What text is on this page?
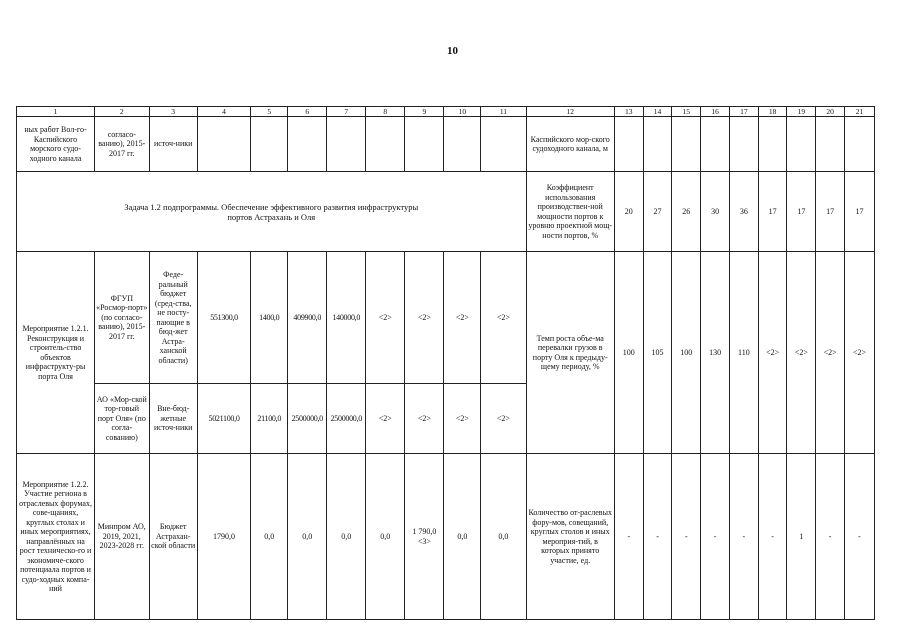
10
1	2	3	4	5	6	7	8	9	10	11	12	13	14	15	16	17	18	19	20	21
ных работ Вол-го-Каспийского морского судо-ходного канала	согласо-ванию), 2015-2017 гг.	источ-ники									Каспийского мор-ского судоходного канала, м									
Задача 1.2 подпрограммы. Обеспечение эффективного развития инфраструктуры портов Астрахань и Оля											Коэффициент использования производствен-ной мощности портов к уровню проектной мощ-ности портов, %	20	27	26	30	36	17	17	17	17
Мероприятие 1.2.1. Реконструкция и строитель-ство объектов инфраструкту-ры порта Оля	ФГУП «Росмор-порт» (по согласо-ванию), 2015-2017 гг.	Феде-ральный бюджет (сред-ства, не посту-пающие в бюд-жет Астра-ханской области)	551300,0	1400,0	409900,0	140000,0	<2>	<2>	<2>	<2>	Темп роста объе-ма перевалки грузов в порту Оля к предыду-щему периоду, %	100	105	100	130	110	<2>	<2>	<2>	<2>
	АО «Мор-ской тор-говый порт Оля» (по согла-сованию)	Вне-бюд-жетные источ-ники	5021100,0	21100,0	2500000,0	2500000,0	<2>	<2>	<2>	<2>										
Мероприятие 1.2.2. Участие региона в отраслевых форумах, сове-щаниях, круглых столах и иных мероприятиях, направлённых на рост техническо-го и экономиче-ского потенциала портов и судо-ходных компа-ний	Минпром АО, 2019, 2021, 2023-2028 гг.	Бюджет Астрахан-ской области	1790,0	0,0	0,0	0,0	0,0	1 790,0 <3>	0,0	0,0	Количество от-раслевых фору-мов, совещаний, круглых столов и иных мероприя-тий, в которых принято участие, ед.	-	-	-	-	-	-	1	-	-
